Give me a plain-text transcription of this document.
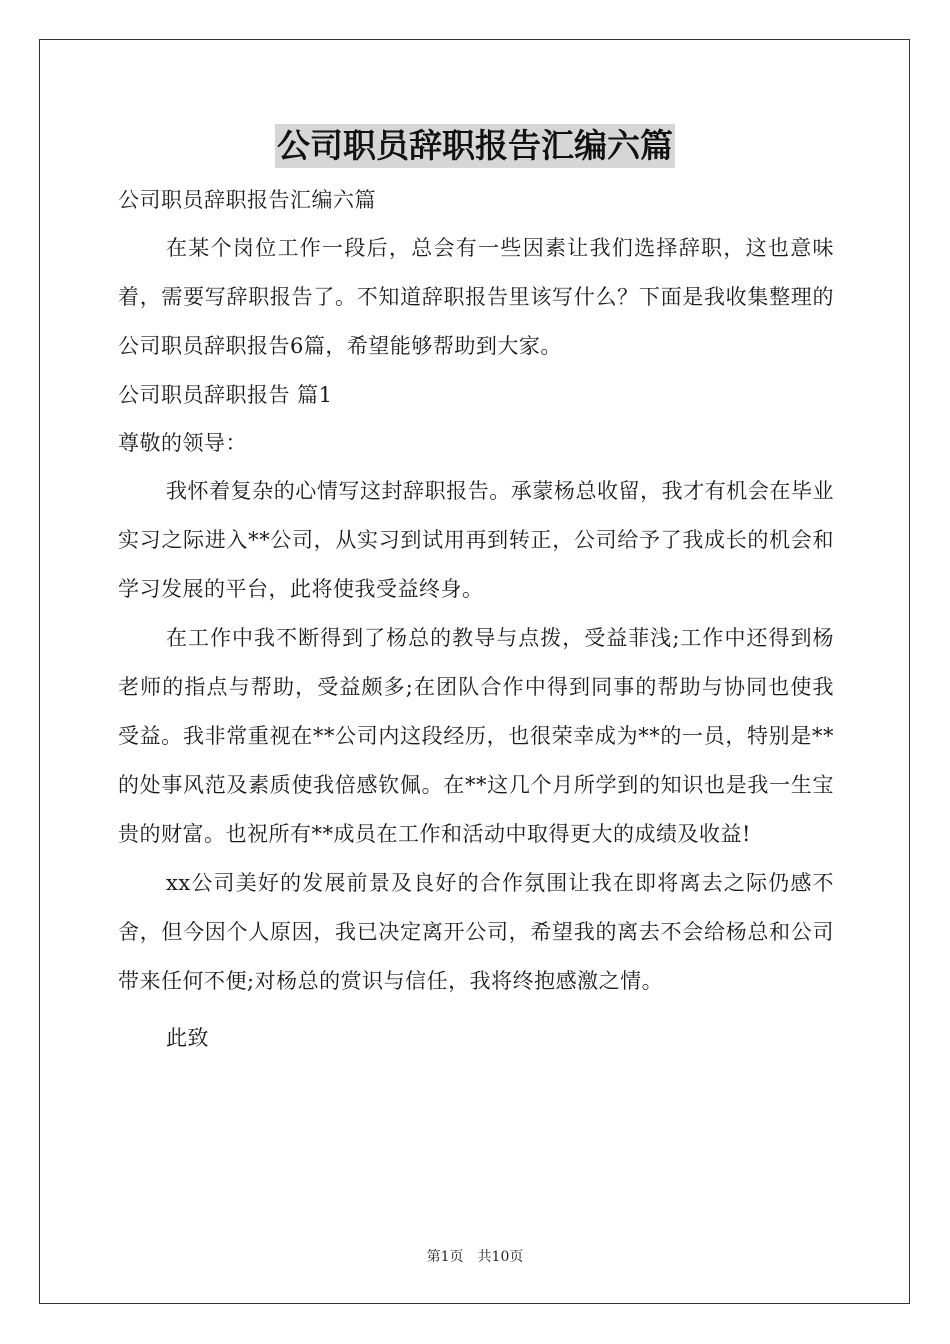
公司职员辞职报告汇编六篇

公司职员辞职报告汇编六篇

在某个岗位工作一段后，总会有一些因素让我们选择辞职，这也意味着，需要写辞职报告了。不知道辞职报告里该写什么？下面是我收集整理的公司职员辞职报告6篇，希望能够帮助到大家。

公司职员辞职报告 篇1

尊敬的领导：

我怀着复杂的心情写这封辞职报告。承蒙杨总收留，我才有机会在毕业实习之际进入**公司，从实习到试用再到转正，公司给予了我成长的机会和学习发展的平台，此将使我受益终身。

在工作中我不断得到了杨总的教导与点拨，受益菲浅;工作中还得到杨老师的指点与帮助，受益颇多;在团队合作中得到同事的帮助与协同也使我受益。我非常重视在**公司内这段经历，也很荣幸成为**的一员，特别是**的处事风范及素质使我倍感钦佩。在**这几个月所学到的知识也是我一生宝贵的财富。也祝所有**成员在工作和活动中取得更大的成绩及收益!

xx公司美好的发展前景及良好的合作氛围让我在即将离去之际仍感不舍，但今因个人原因，我已决定离开公司，希望我的离去不会给杨总和公司带来任何不便;对杨总的赏识与信任，我将终抱感激之情。

此致

第1页　共10页
